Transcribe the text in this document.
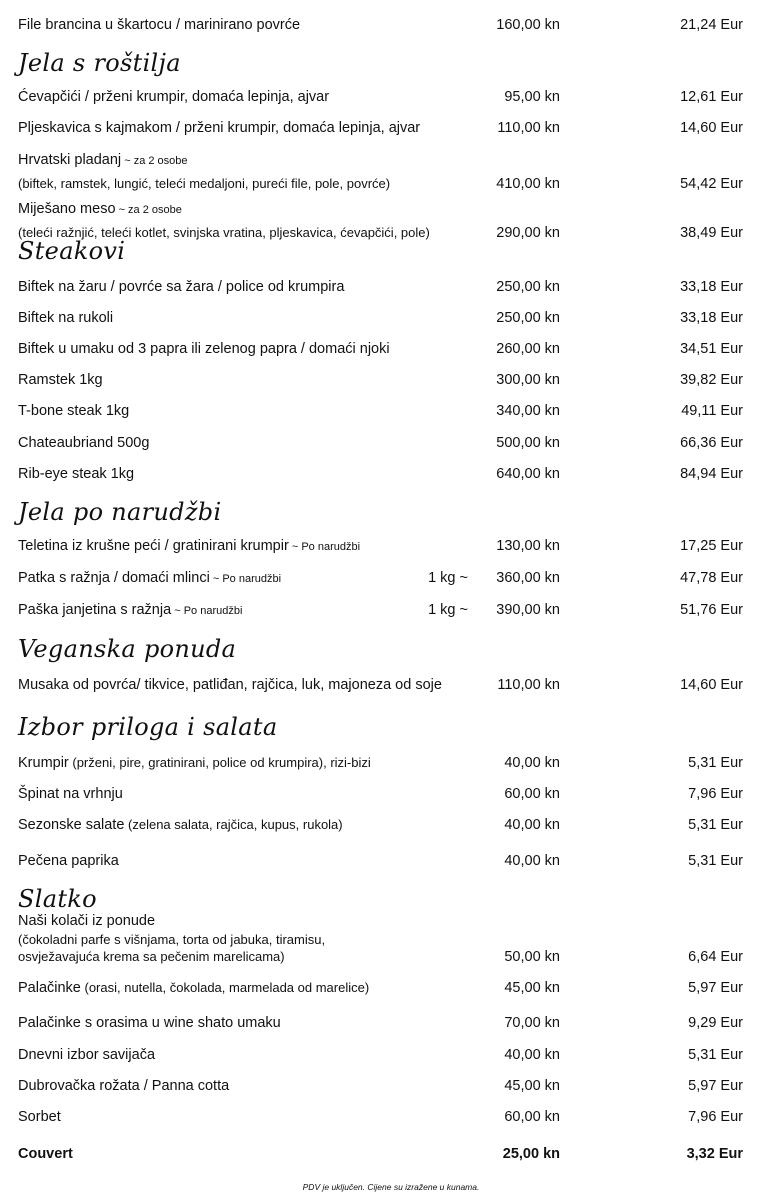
File brancina u škartocu / marinirano povrće	160,00 kn	21,24 Eur
Jela s roštilja
Ćevapčići / prženi krumpir, domaća lepinja, ajvar	95,00 kn	12,61 Eur
Pljeskavica s kajmakom / prženi krumpir, domaća lepinja, ajvar	110,00 kn	14,60 Eur
Hrvatski pladanj ~ za 2 osobe
(biftek, ramstek, lungić, teleći medaljoni, pureći file, pole, povrće)	410,00 kn	54,42 Eur
Miješano meso ~ za 2 osobe
(teleći ražnjić, teleći kotlet, svinjska vratina, pljeskavica, ćevapčići, pole)	290,00 kn	38,49 Eur
Steakovi
Biftek na žaru / povrće sa žara / police od krumpira	250,00 kn	33,18 Eur
Biftek na rukoli	250,00 kn	33,18 Eur
Biftek u umaku od 3 papra ili zelenog papra / domaći njoki	260,00 kn	34,51 Eur
Ramstek 1kg	300,00 kn	39,82 Eur
T-bone steak 1kg	340,00 kn	49,11 Eur
Chateaubriand 500g	500,00 kn	66,36 Eur
Rib-eye steak 1kg	640,00 kn	84,94 Eur
Jela po narudžbi
Teletina iz krušne peći / gratinirani krumpir ~ Po narudžbi	130,00 kn	17,25 Eur
Patka s ražnja / domaći mlinci ~ Po narudžbi	1 kg ~ 360,00 kn	47,78 Eur
Paška janjetina s ražnja ~ Po narudžbi	1 kg ~ 390,00 kn	51,76 Eur
Veganska ponuda
Musaka od povrća/ tikvice, patliđan, rajčica, luk, majoneza od soje	110,00 kn	14,60 Eur
Izbor priloga i salata
Krumpir (prženi, pire, gratinirani, police od krumpira), rizi-bizi	40,00 kn	5,31 Eur
Špinat na vrhnju	60,00 kn	7,96 Eur
Sezonske salate (zelena salata, rajčica, kupus, rukola)	40,00 kn	5,31 Eur
Pečena paprika	40,00 kn	5,31 Eur
Slatko
Naši kolači iz ponude
(čokoladni parfe s višnjama, torta od jabuka, tiramisu,
osvježavajuća krema sa pečenim marelicama)	50,00 kn	6,64 Eur
Palačinke (orasi, nutella, čokolada, marmelada od marelice)	45,00 kn	5,97 Eur
Palačinke s orasima u wine shato umaku	70,00 kn	9,29 Eur
Dnevni izbor savijača	40,00 kn	5,31 Eur
Dubrovačka rožata / Panna cotta	45,00 kn	5,97 Eur
Sorbet	60,00 kn	7,96 Eur
Couvert	25,00 kn	3,32 Eur
PDV je uključen. Cijene su izražene u kunama.
